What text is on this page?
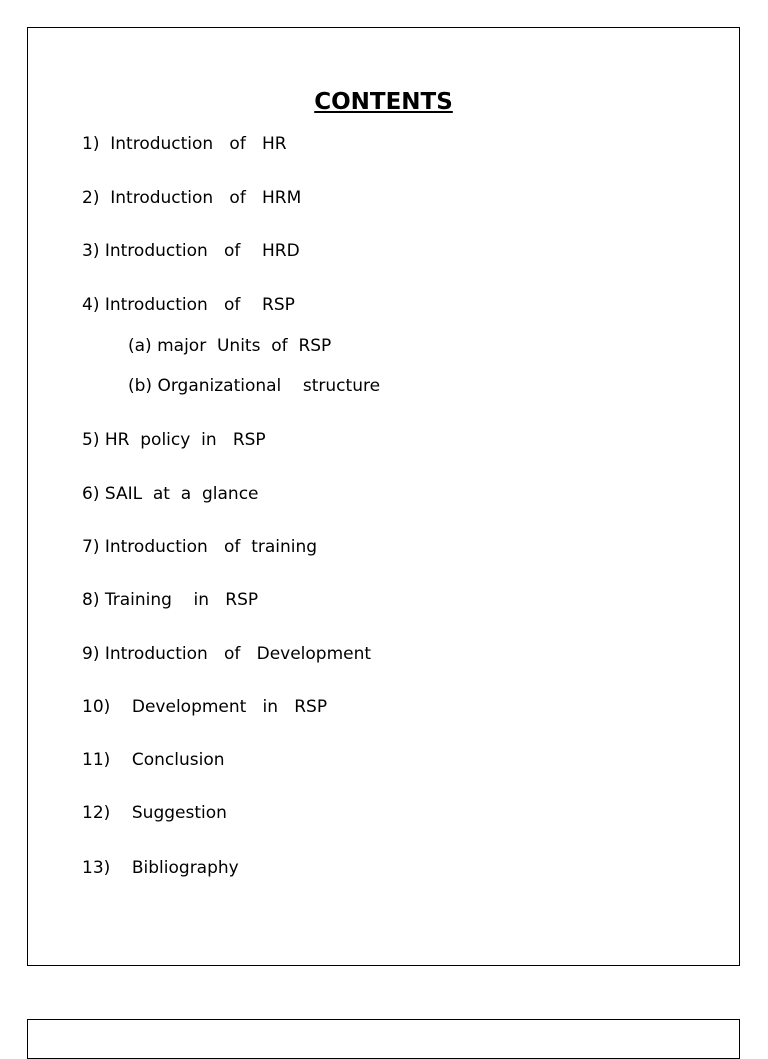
CONTENTS
1)  Introduction   of   HR
2)  Introduction   of   HRM
3) Introduction   of    HRD
4) Introduction   of    RSP
(a) major  Units  of  RSP
(b) Organizational    structure
5) HR  policy  in   RSP
6) SAIL  at  a  glance
7) Introduction   of  training
8) Training    in   RSP
9) Introduction   of   Development
10)    Development   in   RSP
11)    Conclusion
12)    Suggestion
13)    Bibliography
